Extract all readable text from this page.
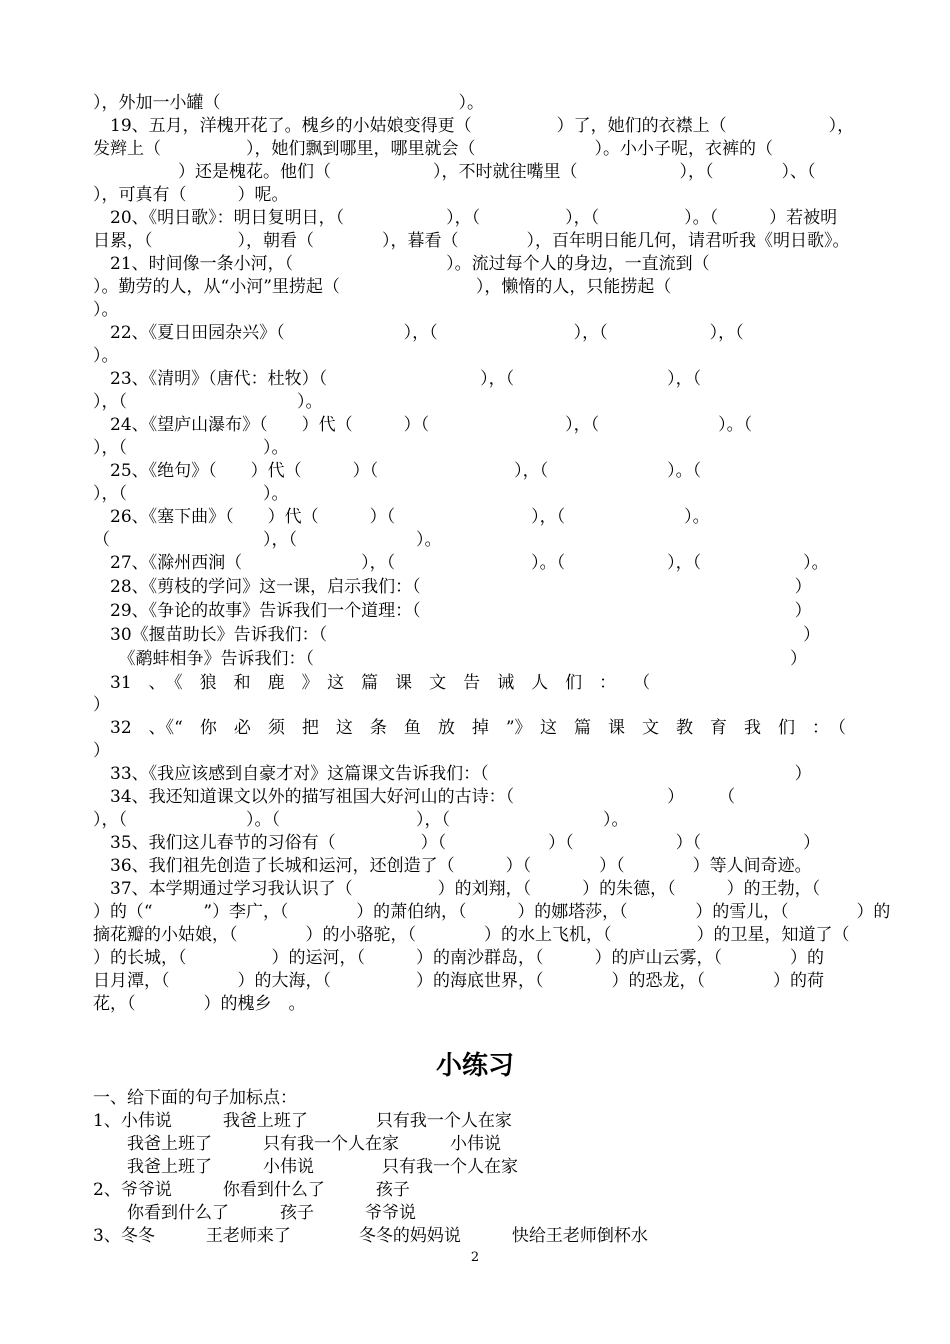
），外加一小罐（　　　　　　　　　　　　　　）。
　19、五月，洋槐开花了。槐乡的小姑娘变得更（　　　　　）了，她们的衣襟上（　　　　　　），
发辫上（　　　　　），她们飘到哪里，哪里就会（　　　　　　　）。小小子呢，衣裤的（
　　　　　）还是槐花。他们（　　　　　　），不时就往嘴里（　　　　　　），（　　　　）、（
），可真有（　　　）呢。
　20、《明日歌》：明日复明日，（　　　　　　），（　　　　　），（　　　　　）。（　　　）若被明
日累，（　　　　　），朝看（　　　　），暮看（　　　　），百年明日能几何，请君听我《明日歌》。
　21、时间像一条小河，（　　　　　　　　　）。流过每个人的身边，一直流到（
）。勤劳的人，从“小河”里捞起（　　　　　　　　），懒惰的人，只能捞起（
）。
　22、《夏日田园杂兴》（　　　　　　　），（　　　　　　　　），（　　　　　　），（
）。
　23、《清明》（唐代：杜牧）（　　　　　　　　　），（　　　　　　　　　），（
），（　　　　　　　　　　）。
　24、《望庐山瀑布》（　　）代（　　　）（　　　　　　　　），（　　　　　　　）。（
），（　　　　　　　　）。
　25、《绝句》（　　）代（　　　）（　　　　　　　　），（　　　　　　　）。（
），（　　　　　　　　）。
　26、《塞下曲》（　　）代（　　　）（　　　　　　　　），（　　　　　　　）。
（　　　　　　　　　），（　　　　　　　）。
　27、《滁州西涧（　　　　　　　），（　　　　　　　　）。（　　　　　　），（　　　　　　）。
　28、《剪枝的学问》这一课，启示我们：（　　　　　　　　　　　　　　　　　　　　　　）
　29、《争论的故事》告诉我们一个道理：（　　　　　　　　　　　　　　　　　　　　　　）
　30《揠苗助长》告诉我们：（　　　　　　　　　　　　　　　　　　　　　　　　　　　　）
　　《鹬蚌相争》告诉我们：（　　　　　　　　　　　　　　　　　　　　　　　　　　　　）
　31　、　《　狼　和　鹿　》　这　篇　课　文　告　诫　人　们　：　　（
）
　32　、《“　你　必　须　把　这　条　鱼　放　掉　”》　这　篇　课　文　教　育　我　们　：　（
）
　33、《我应该感到自豪才对》这篇课文告诉我们：（　　　　　　　　　　　　　　　　　　）
　34、我还知道课文以外的描写祖国大好河山的古诗：（　　　　　　　　　）　　　（
），（　　　　　　　）。（　　　　　　　　），（　　　　　　　　　）。
　35、我们这儿春节的习俗有（　　　　　）（　　　　　　）（　　　　　　）（　　　　　　）
　36、我们祖先创造了长城和运河，还创造了（　　　）（　　　　）（　　　　）等人间奇迹。
　37、本学期通过学习我认识了（　　　　　）的刘翔，（　　　）的朱德，（　　　）的王勃，（
）的（“　　　”）李广，（　　　　）的萧伯纳，（　　　）的娜塔莎，（　　　　）的雪儿，（　　　　）的
摘花瓣的小姑娘，（　　　　）的小骆驼，（　　　　）的水上飞机，（　　　　　）的卫星，知道了（
）的长城，（　　　　　）的运河，（　　　）的南沙群岛，（　　　）的庐山云雾，（　　　　）的
日月潭，（　　　　）的大海，（　　　　　）的海底世界，（　　　　）的恐龙，（　　　　）的荷
花，（　　　　）的槐乡　。
小练习
一、给下面的句子加标点：
1、小伟说　　　我爸上班了　　　　只有我一个人在家
　　我爸上班了　　　只有我一个人在家　　　小伟说
　　我爸上班了　　　小伟说　　　　只有我一个人在家
2、爷爷说　　　你看到什么了　　　孩子
　　你看到什么了　　　孩子　　　爷爷说
3、冬冬　　　王老师来了　　　　冬冬的妈妈说　　　快给王老师倒杯水
2
